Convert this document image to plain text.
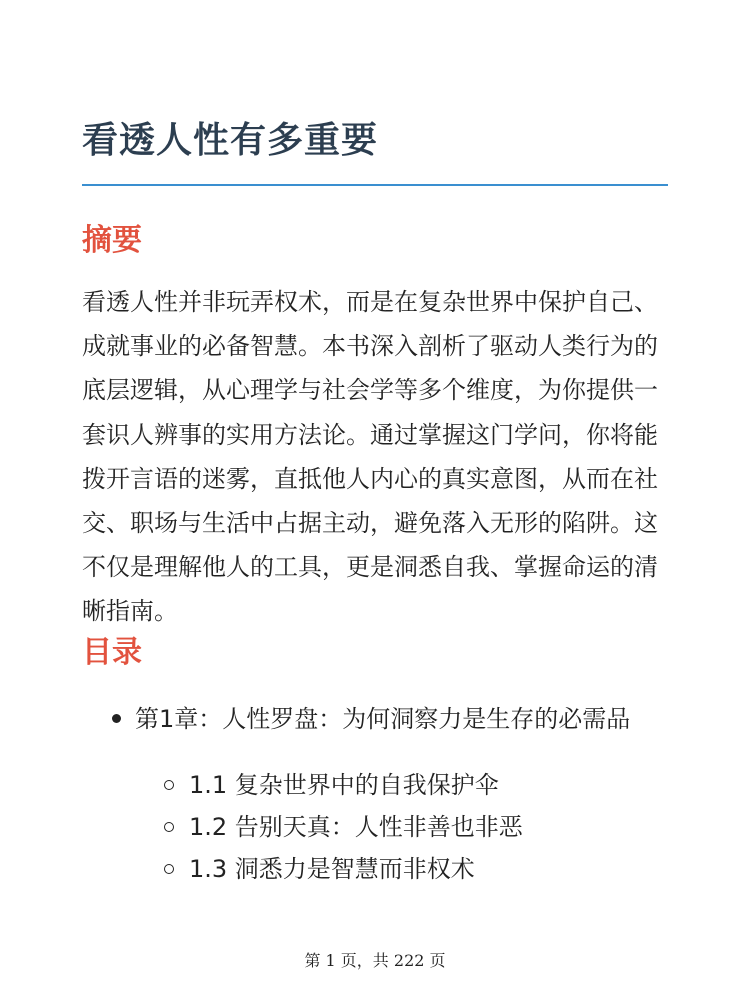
看透人性有多重要
摘要

看透人性并非玩弄权术，而是在复杂世界中保护自己、成就事业的必备智慧。本书深入剖析了驱动人类行为的底层逻辑，从心理学与社会学等多个维度，为你提供一套识人辨事的实用方法论。通过掌握这门学问，你将能拨开言语的迷雾，直抵他人内心的真实意图，从而在社交、职场与生活中占据主动，避免落入无形的陷阱。这不仅是理解他人的工具，更是洞悉自我、掌握命运的清晰指南。

目录
第1章：人性罗盘：为何洞察力是生存的必需品
1.1 复杂世界中的自我保护伞
1.2 告别天真：人性非善也非恶
1.3 洞悉力是智慧而非权术
第 1 页，共 222 页
